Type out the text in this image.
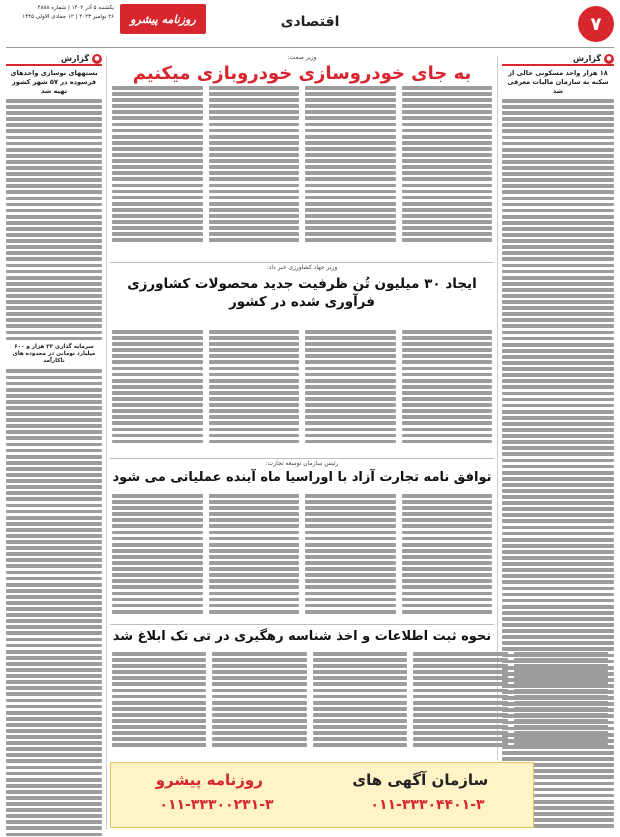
۷
اقتصادی
روزنامه پیشرو
یکشنبه ۵ آذر ۱۴۰۲ | شماره ۴۸۸۸
۲۶ نوامبر ۲۰۲۳ | ۱۲ جمادی الاولی ۱۴۴۵
●
گزارش
۱۸ هزار واحد مسکونی خالی از سکنه به سازمان مالیات معرفی شد
●
گزارش
بستههای نوسازی واحدهای فرسوده در ۵۷ شهر کشور تهیه شد
سرمایه گذاری ۳۳ هزار و ۶۰۰ میلیارد تومانی در محدوده های ناکارآمد
وزیر صمت:
به جای خودروسازی خودروبازی میکنیم
وزیر جهاد کشاورزی خبر داد:
ایجاد ۳۰ میلیون تُن ظرفیت جدید محصولات کشاورزی
فرآوری شده در کشور
رئیس سازمان توسعه تجارت:
توافق نامه تجارت آزاد با اوراسیا ماه آینده عملیاتی می شود
نحوه ثبت اطلاعات و اخذ شناسه رهگیری در تی تک ابلاغ شد
سازمان آگهی های
روزنامه پیشرو
۰۱۱-۳۳۳۰۰۲۳۱-۳	۰۱۱-۳۳۳۰۴۴۰۱-۳
